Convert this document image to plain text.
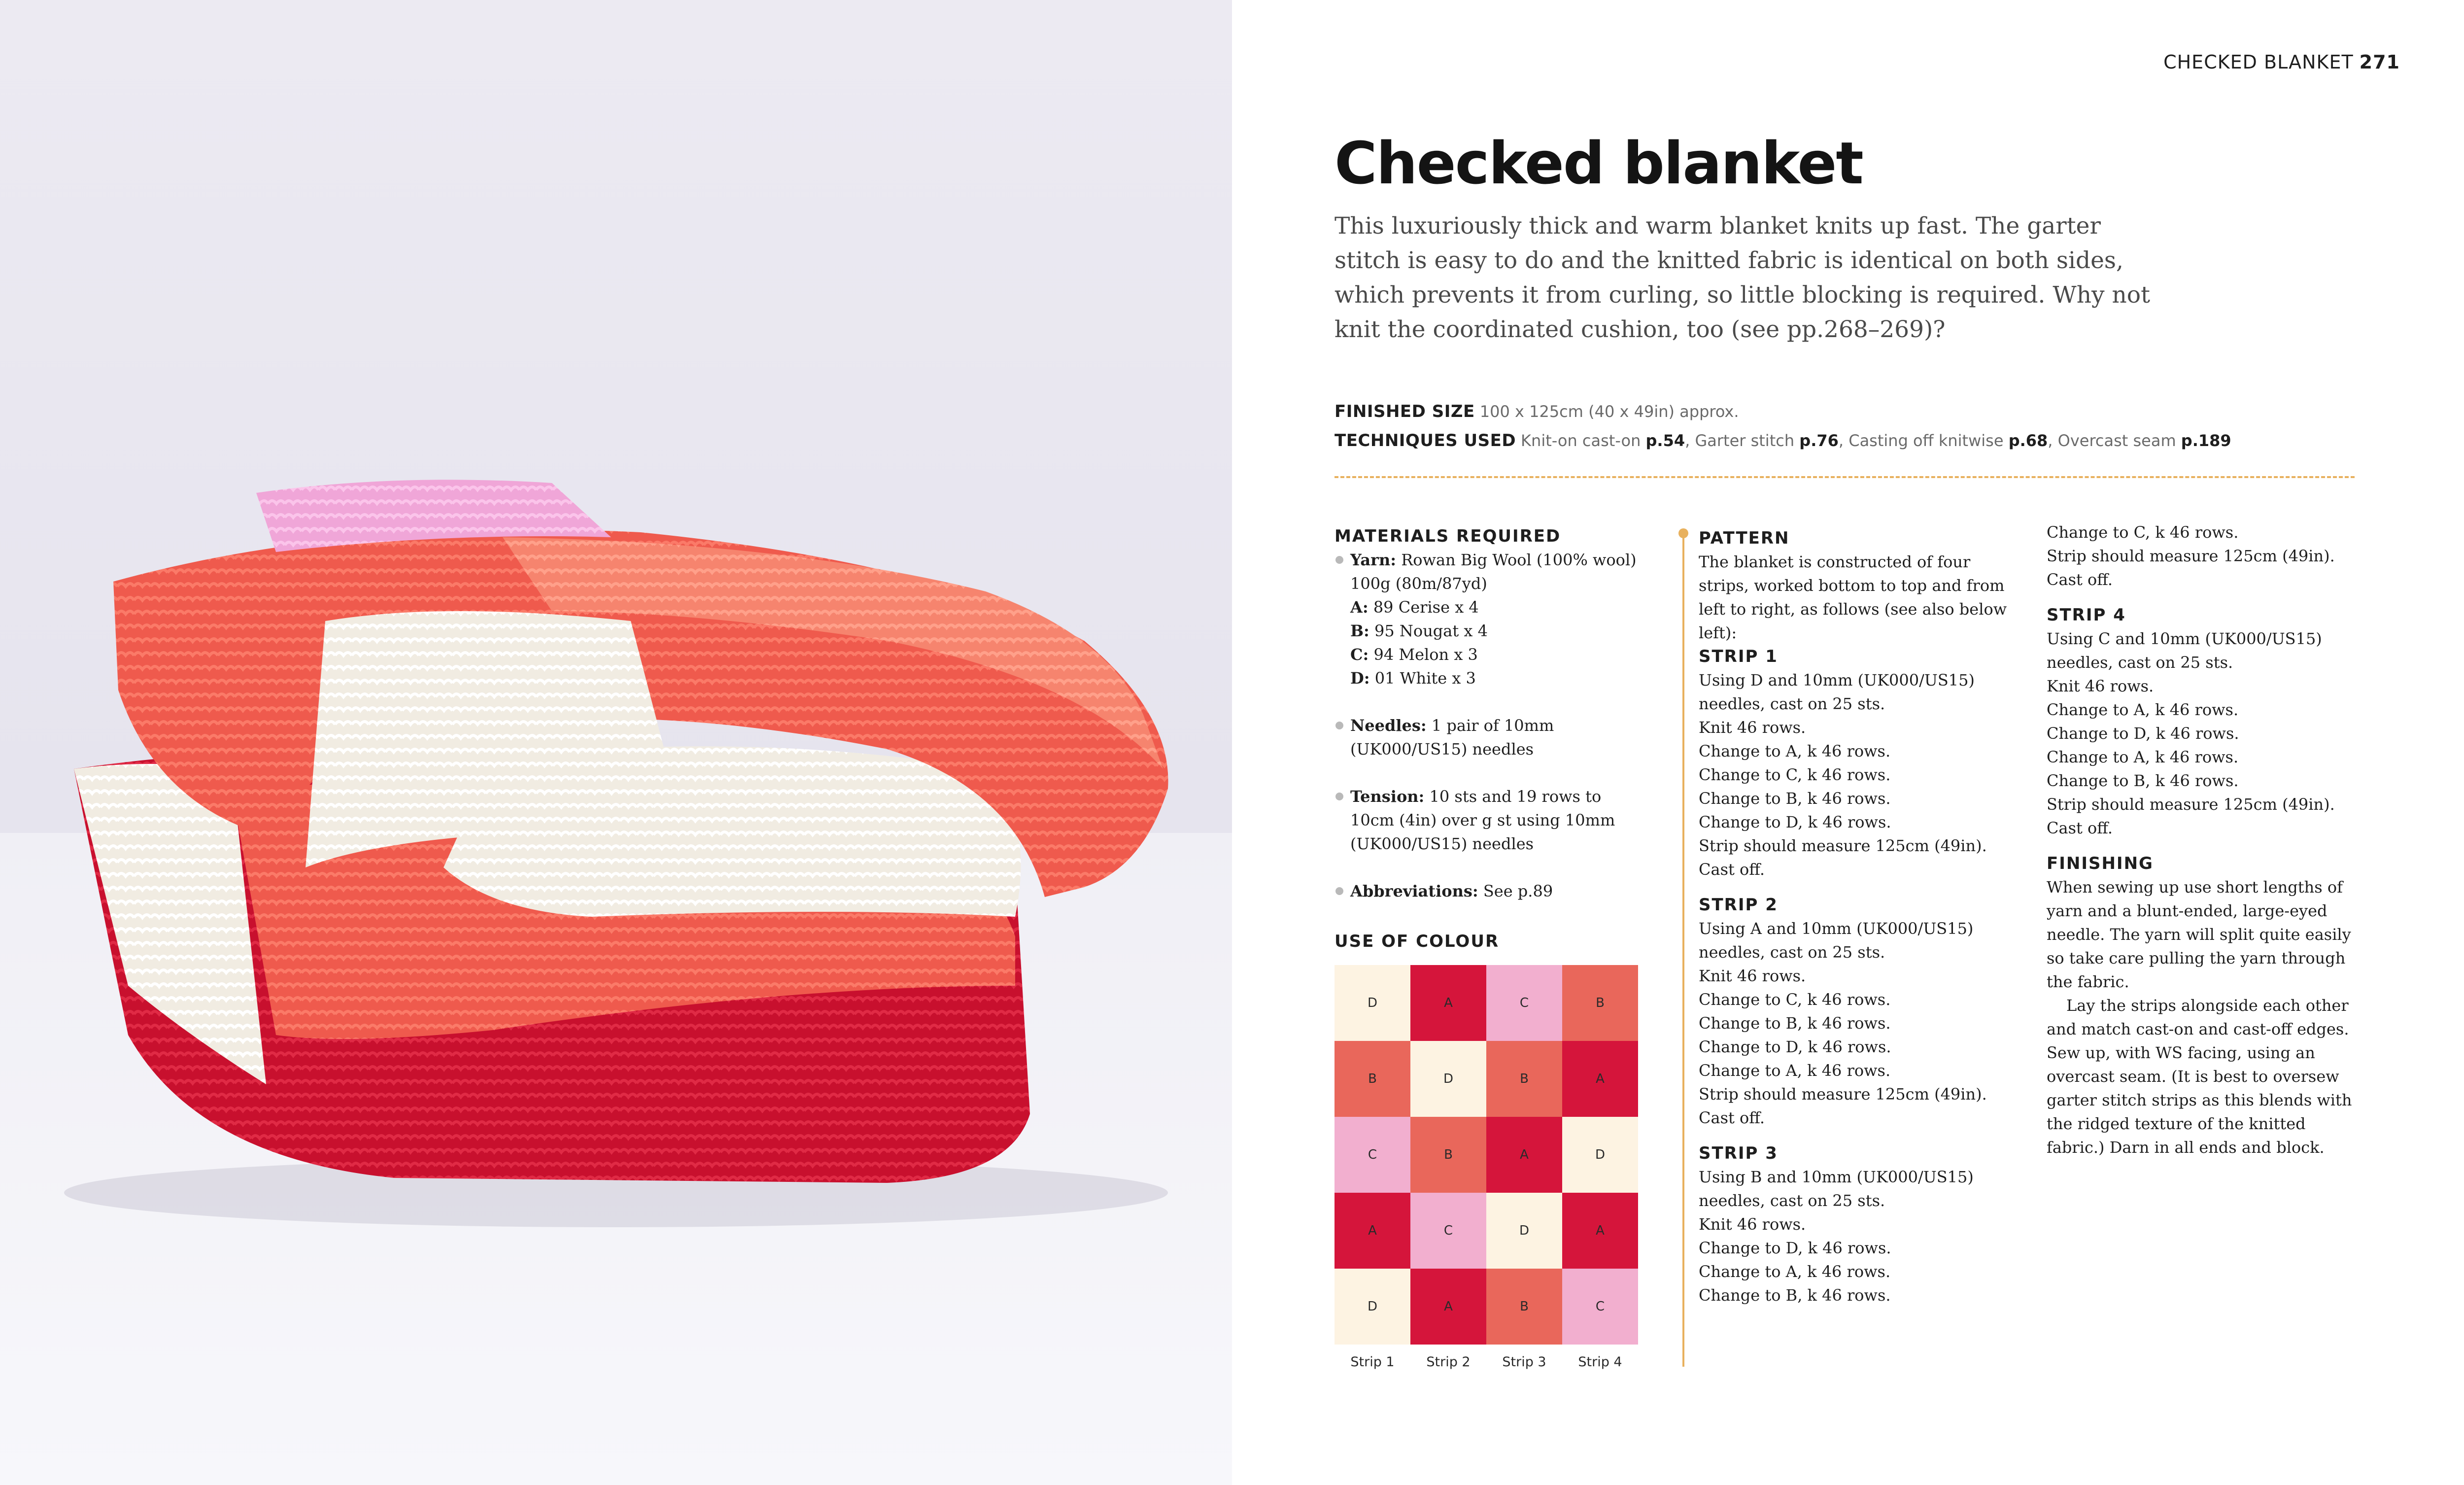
CHECKED BLANKET 271
Checked blanket

This luxuriously thick and warm blanket knits up fast. The garter stitch is easy to do and the knitted fabric is identical on both sides, which prevents it from curling, so little blocking is required. Why not knit the coordinated cushion, too (see pp.268–269)?

FINISHED SIZE 100 x 125cm (40 x 49in) approx.
TECHNIQUES USED Knit-on cast-on p.54, Garter stitch p.76, Casting off knitwise p.68, Overcast seam p.189
MATERIALS REQUIRED

Yarn: Rowan Big Wool (100% wool) 100g (80m/87yd)

A: 89 Cerise x 4

B: 95 Nougat x 4

C: 94 Melon x 3

D: 01 White x 3

Needles: 1 pair of 10mm (UK000/US15) needles

Tension: 10 sts and 19 rows to 10cm (4in) over g st using 10mm (UK000/US15) needles

Abbreviations: See p.89

USE OF COLOUR
D	A	C	B
B	D	B	A
C	B	A	D
A	C	D	A
D	A	B	C
Strip 1	Strip 2	Strip 3	Strip 4
PATTERN

The blanket is constructed of four strips, worked bottom to top and from left to right, as follows (see also below left):

STRIP 1

Using D and 10mm (UK000/US15) needles, cast on 25 sts.

Knit 46 rows.

Change to A, k 46 rows.

Change to C, k 46 rows.

Change to B, k 46 rows.

Change to D, k 46 rows.

Strip should measure 125cm (49in).

Cast off.

STRIP 2

Using A and 10mm (UK000/US15) needles, cast on 25 sts.

Knit 46 rows.

Change to C, k 46 rows.

Change to B, k 46 rows.

Change to D, k 46 rows.

Change to A, k 46 rows.

Strip should measure 125cm (49in).

Cast off.

STRIP 3

Using B and 10mm (UK000/US15) needles, cast on 25 sts.

Knit 46 rows.

Change to D, k 46 rows.

Change to A, k 46 rows.

Change to B, k 46 rows.

Change to C, k 46 rows.

Strip should measure 125cm (49in).

Cast off.

STRIP 4

Using C and 10mm (UK000/US15) needles, cast on 25 sts.

Knit 46 rows.

Change to A, k 46 rows.

Change to D, k 46 rows.

Change to A, k 46 rows.

Change to B, k 46 rows.

Strip should measure 125cm (49in).

Cast off.

FINISHING

When sewing up use short lengths of yarn and a blunt-ended, large-eyed needle. The yarn will split quite easily so take care pulling the yarn through the fabric.

Lay the strips alongside each other and match cast-on and cast-off edges. Sew up, with WS facing, using an overcast seam. (It is best to oversew garter stitch strips as this blends with the ridged texture of the knitted fabric.) Darn in all ends and block.
